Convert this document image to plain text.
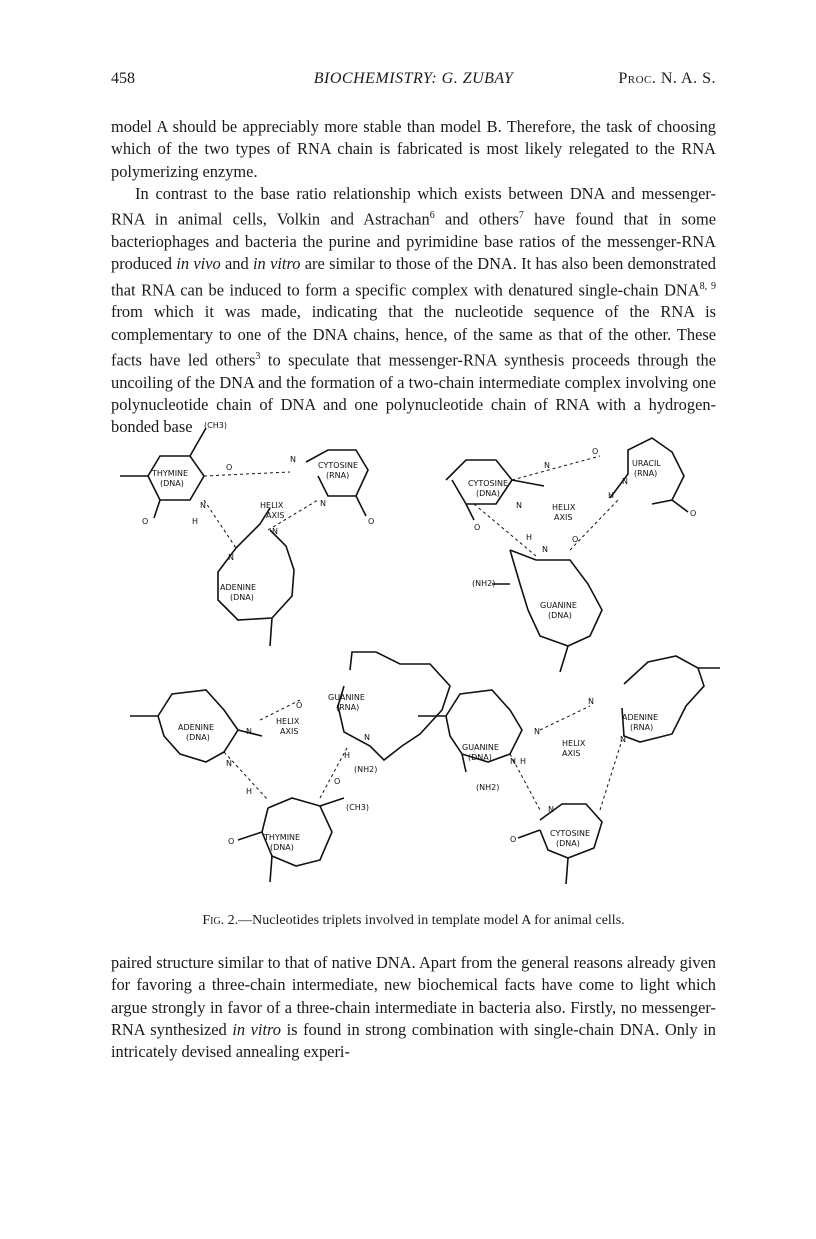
458	BIOCHEMISTRY: G. ZUBAY	Proc. N. A. S.

model A should be appreciably more stable than model B. Therefore, the task of choosing which of the two types of RNA chain is fabricated is most likely relegated to the RNA polymerizing enzyme.

In contrast to the base ratio relationship which exists between DNA and messenger-RNA in animal cells, Volkin and Astrachan$^6$ and others$^7$ have found that in some bacteriophages and bacteria the purine and pyrimidine base ratios of the messenger-RNA produced in vivo and in vitro are similar to those of the DNA. It has also been demonstrated that RNA can be induced to form a specific complex with denatured single-chain DNA$^{8, 9}$ from which it was made, indicating that the nucleotide sequence of the RNA is complementary to one of the DNA chains, hence, of the same as that of the other. These facts have led others$^3$ to speculate that messenger-RNA synthesis proceeds through the uncoiling of the DNA and the formation of a two-chain intermediate complex involving one polynucleotide chain of DNA and one polynucleotide chain of RNA with a hydrogen-bonded base

THYMINE
(DNA)
CYTOSINE
(RNA)
ADENINE
(DNA)
HELIX
AXIS
(CH3)
CYTOSINE
(DNA)
URACIL
(RNA)
GUANINE
(DNA)
HELIX
AXIS
(NH2)
ADENINE
(DNA)
GUANINE
(RNA)
THYMINE
(DNA)
HELIX
AXIS
(NH2)
(CH3)
GUANINE
(DNA)
ADENINE
(RNA)
CYTOSINE
(DNA)
HELIX
AXIS
(NH2)
O
N
N
H
N
N
N
O
O
N
O
N
H
N
H
N
O
O
O
N
O
N
H
N
H
O
O
N
N
N
N H
N
O
Fig. 2.—Nucleotides triplets involved in template model A for animal cells.

paired structure similar to that of native DNA. Apart from the general reasons already given for favoring a three-chain intermediate, new biochemical facts have come to light which argue strongly in favor of a three-chain intermediate in bacteria also. Firstly, no messenger-RNA synthesized in vitro is found in strong combination with single-chain DNA. Only in intricately devised annealing experi-
